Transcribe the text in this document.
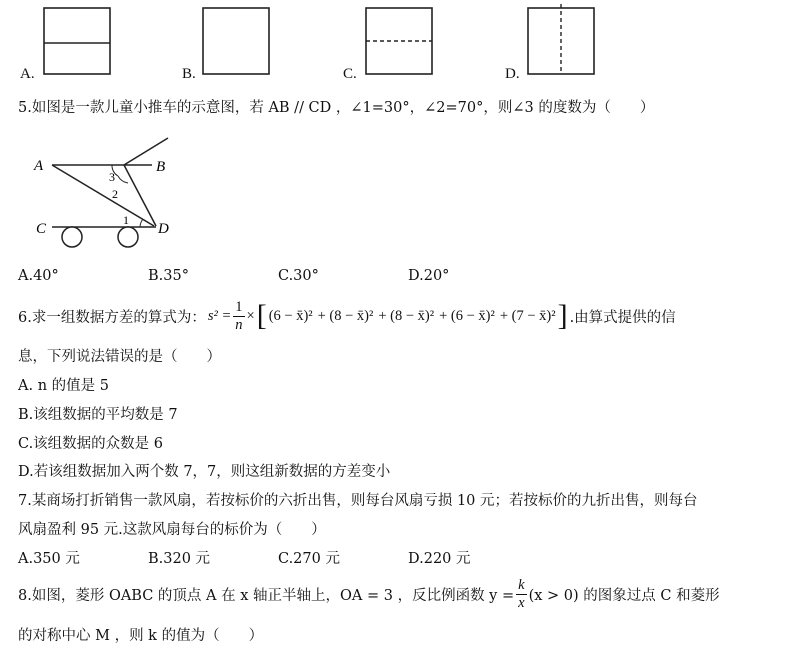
A.	B.	C.	D.
5.如图是一款儿童小推车的示意图，若 AB // CD ，∠1=30°，∠2=70°，则∠3 的度数为（　　）
A	B
C	D
3
2
1
A.40°	B.35°	C.30°	D.20°
6.求一组数据方差的算式为： $s^2 = \frac{1}{n}$ × [ (6 − x̄)² + (8 − x̄)² + (8 − x̄)² + (6 − x̄)² + (7 − x̄)² ] .由算式提供的信
息，下列说法错误的是（　　）
A. n 的值是 5
B.该组数据的平均数是 7
C.该组数据的众数是 6
D.若该组数据加入两个数 7，7，则这组新数据的方差变小
7.某商场打折销售一款风扇，若按标价的六折出售，则每台风扇亏损 10 元；若按标价的九折出售，则每台
风扇盈利 95 元.这款风扇每台的标价为（　　）
A.350 元	B.320 元	C.270 元	D.220 元
8.如图，菱形 OABC 的顶点 A 在 x 轴正半轴上，OA = 3 ，反比例函数 $y = \frac{k}{x} (x > 0)$ 的图象过点 C 和菱形
的对称中心 M ，则 k 的值为（　　）
